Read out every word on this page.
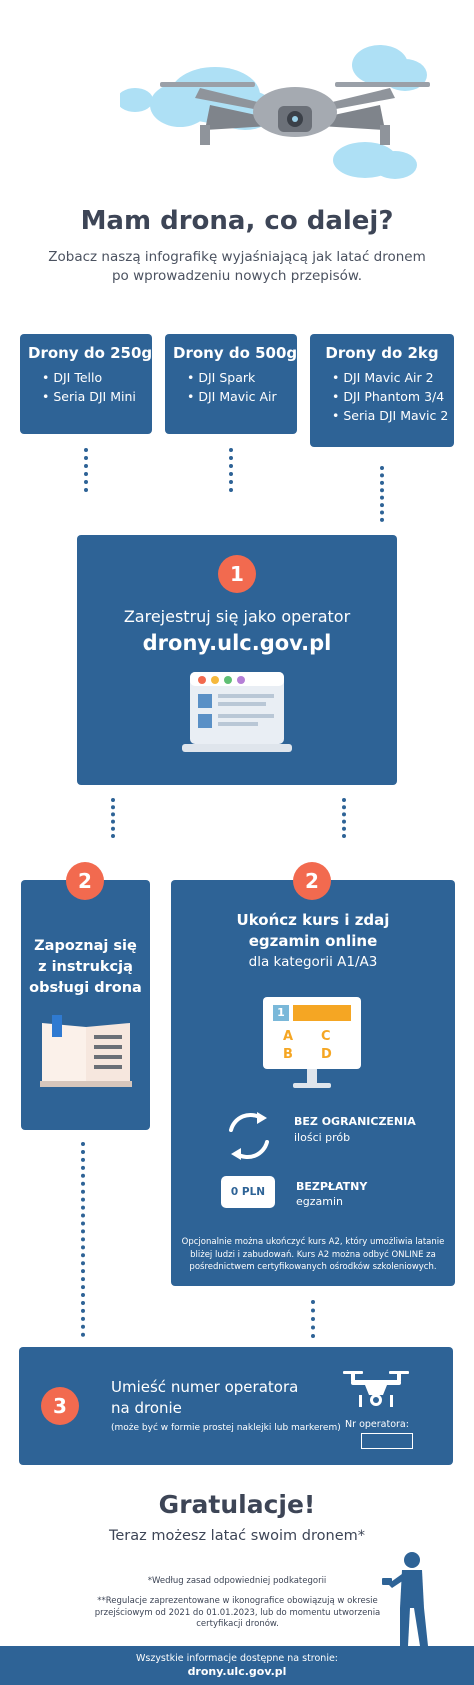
Mam drona, co dalej?
Zobacz naszą infografikę wyjaśniającą jak latać dronem
po wprowadzeniu nowych przepisów.
Drony do 250g
• DJI Tello
• Seria DJI Mini
Drony do 500g
• DJI Spark
• DJI Mavic Air
Drony do 2kg
• DJI Mavic Air 2
• DJI Phantom 3/4
• Seria DJI Mavic 2
1
Zarejestruj się jako operator
drony.ulc.gov.pl
2
Zapoznaj się
z instrukcją
obsługi drona
2
Ukończ kurs i zdaj
egzamin online
dla kategorii A1/A3
1
A
B
C
D
BEZ OGRANICZENIA
ilości prób
0 PLN	BEZPŁATNY
egzamin
Opcjonalnie można ukończyć kurs A2, który umożliwia latanie
bliżej ludzi i zabudowań. Kurs A2 można odbyć ONLINE za
pośrednictwem certyfikowanych ośrodków szkoleniowych.
3
Umieść numer operatora
na dronie
(może być w formie prostej naklejki lub markerem) Nr operatora:
Gratulacje!
Teraz możesz latać swoim dronem*
*Według zasad odpowiedniej podkategorii
**Regulacje zaprezentowane w ikonografice obowiązują w okresie
przejściowym od 2021 do 01.01.2023, lub do momentu utworzenia
certyfikacji dronów.
Wszystkie informacje dostępne na stronie:
drony.ulc.gov.pl
